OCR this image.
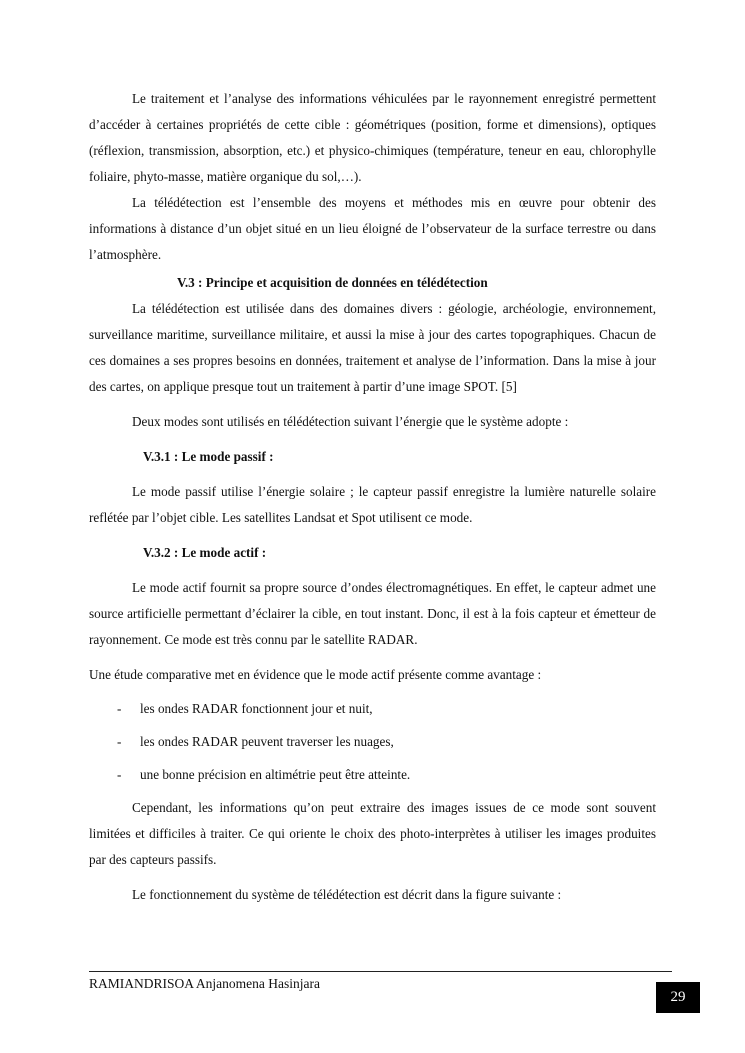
Le traitement et l’analyse des informations véhiculées par le rayonnement enregistré permettent d’accéder à certaines propriétés de cette cible : géométriques (position, forme et dimensions), optiques (réflexion, transmission, absorption, etc.) et physico-chimiques (température, teneur en eau, chlorophylle foliaire, phyto-masse, matière organique du sol,…).

La télédétection est l’ensemble des moyens et méthodes mis en œuvre pour obtenir des informations à distance d’un objet situé en un lieu éloigné de l’observateur de la surface terrestre ou dans l’atmosphère.

V.3 : Principe et acquisition de données en télédétection

La télédétection est utilisée dans des domaines divers : géologie, archéologie, environnement, surveillance maritime, surveillance militaire, et aussi la mise à jour des cartes topographiques. Chacun de ces domaines a ses propres besoins en données, traitement et analyse de l’information. Dans la mise à jour des cartes, on applique presque tout un traitement à partir d’une image SPOT. [5]

Deux modes sont utilisés en télédétection suivant l’énergie que le système adopte :

V.3.1 : Le mode passif :

Le mode passif utilise l’énergie solaire ; le capteur passif enregistre la lumière naturelle solaire reflétée par l’objet cible. Les satellites Landsat et Spot utilisent ce mode.

V.3.2 : Le mode actif :

Le mode actif fournit sa propre source d’ondes électromagnétiques. En effet, le capteur admet une source artificielle permettant d’éclairer la cible, en tout instant. Donc, il est à la fois capteur et émetteur de rayonnement. Ce mode est très connu par le satellite RADAR.

Une étude comparative met en évidence que le mode actif présente comme avantage :

- les ondes RADAR fonctionnent jour et nuit,
- les ondes RADAR peuvent traverser les nuages,
- une bonne précision en altimétrie peut être atteinte.

Cependant, les informations qu’on peut extraire des images issues de ce mode sont souvent limitées et difficiles à traiter. Ce qui oriente le choix des photo-interprètes à utiliser les images produites par des capteurs passifs.

Le fonctionnement du système de télédétection est décrit dans la figure suivante :

RAMIANDRISOA Anjanomena Hasinjara
29
